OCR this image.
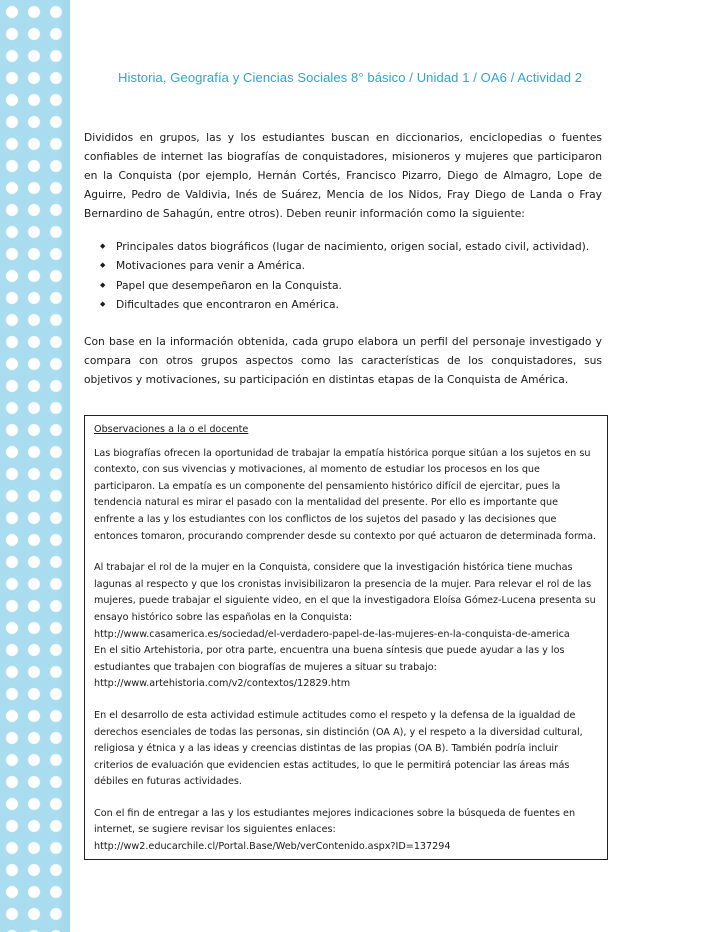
Historia, Geografía y Ciencias Sociales 8° básico / Unidad 1 / OA6 / Actividad 2

Divididos en grupos, las y los estudiantes buscan en diccionarios, enciclopedias o fuentes confiables de internet las biografías de conquistadores, misioneros y mujeres que participaron en la Conquista (por ejemplo, Hernán Cortés, Francisco Pizarro, Diego de Almagro, Lope de Aguirre, Pedro de Valdivia, Inés de Suárez, Mencia de los Nidos, Fray Diego de Landa o Fray Bernardino de Sahagún, entre otros). Deben reunir información como la siguiente:

◆ Principales datos biográficos (lugar de nacimiento, origen social, estado civil, actividad).
◆ Motivaciones para venir a América.
◆ Papel que desempeñaron en la Conquista.
◆ Dificultades que encontraron en América.

Con base en la información obtenida, cada grupo elabora un perfil del personaje investigado y compara con otros grupos aspectos como las características de los conquistadores, sus objetivos y motivaciones, su participación en distintas etapas de la Conquista de América.

Observaciones a la o el docente

Las biografías ofrecen la oportunidad de trabajar la empatía histórica porque sitúan a los sujetos en su contexto, con sus vivencias y motivaciones, al momento de estudiar los procesos en los que participaron. La empatía es un componente del pensamiento histórico difícil de ejercitar, pues la tendencia natural es mirar el pasado con la mentalidad del presente. Por ello es importante que enfrente a las y los estudiantes con los conflictos de los sujetos del pasado y las decisiones que entonces tomaron, procurando comprender desde su contexto por qué actuaron de determinada forma.

Al trabajar el rol de la mujer en la Conquista, considere que la investigación histórica tiene muchas lagunas al respecto y que los cronistas invisibilizaron la presencia de la mujer. Para relevar el rol de las mujeres, puede trabajar el siguiente video, en el que la investigadora Eloísa Gómez-Lucena presenta su ensayo histórico sobre las españolas en la Conquista:
http://www.casamerica.es/sociedad/el-verdadero-papel-de-las-mujeres-en-la-conquista-de-america
En el sitio Artehistoria, por otra parte, encuentra una buena síntesis que puede ayudar a las y los estudiantes que trabajen con biografías de mujeres a situar su trabajo:
http://www.artehistoria.com/v2/contextos/12829.htm

En el desarrollo de esta actividad estimule actitudes como el respeto y la defensa de la igualdad de derechos esenciales de todas las personas, sin distinción (OA A), y el respeto a la diversidad cultural, religiosa y étnica y a las ideas y creencias distintas de las propias (OA B). También podría incluir criterios de evaluación que evidencien estas actitudes, lo que le permitirá potenciar las áreas más débiles en futuras actividades.

Con el fin de entregar a las y los estudiantes mejores indicaciones sobre la búsqueda de fuentes en internet, se sugiere revisar los siguientes enlaces:
http://ww2.educarchile.cl/Portal.Base/Web/verContenido.aspx?ID=137294
